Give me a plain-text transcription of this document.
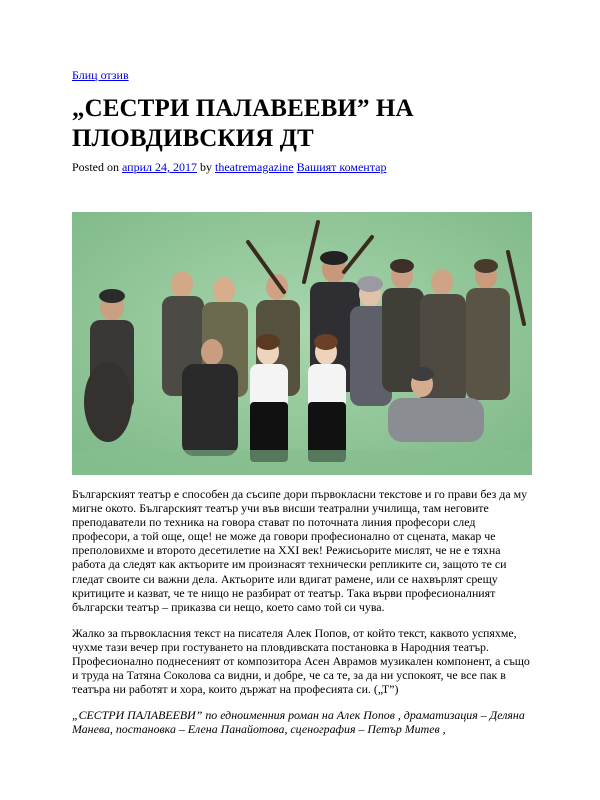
Блиц отзив
„СЕСТРИ ПАЛАВЕЕВИ” НА ПЛОВДИВСКИЯ ДТ
Posted on април 24, 2017 by theatremagazine Вашият коментар

Българският театър е способен да съсипе дори първокласни текстове и го прави без да му мигне окото. Българският театър учи във висши театрални училища, там неговите преподаватели по техника на говора стават по поточната линия професори след професори, а той още, още! не може да говори професионално от сцената, макар че преполовихме и второто десетилетие на ХХІ век! Режисьорите мислят, че не е тяхна работа да следят как актьорите им произнасят технически репликите си, защото те си гледат своите си важни дела. Актьорите или вдигат рамене, или се нахвърлят срещу критиците и казват, че те нищо не разбират от театър. Така върви професионалният български театър – приказва си нещо, което само той си чува.

Жалко за първокласния текст на писателя Алек Попов, от който текст, каквото успяхме, чухме тази вечер при гостуването на пловдивската постановка в Народния театър. Професионално поднесеният от композитора Асен Аврамов музикален компонент, а също и труда на Татяна Соколова са видни, и добре, че са те, за да ни успокоят, че все пак в театъра ни работят и хора, които държат на професията си. („Т”)

„СЕСТРИ ПАЛАВЕЕВИ” по едноименния роман на Алек Попов , драматизация – Деляна Манева, постановка – Елена Панайотова, сценография – Петър Митев ,
